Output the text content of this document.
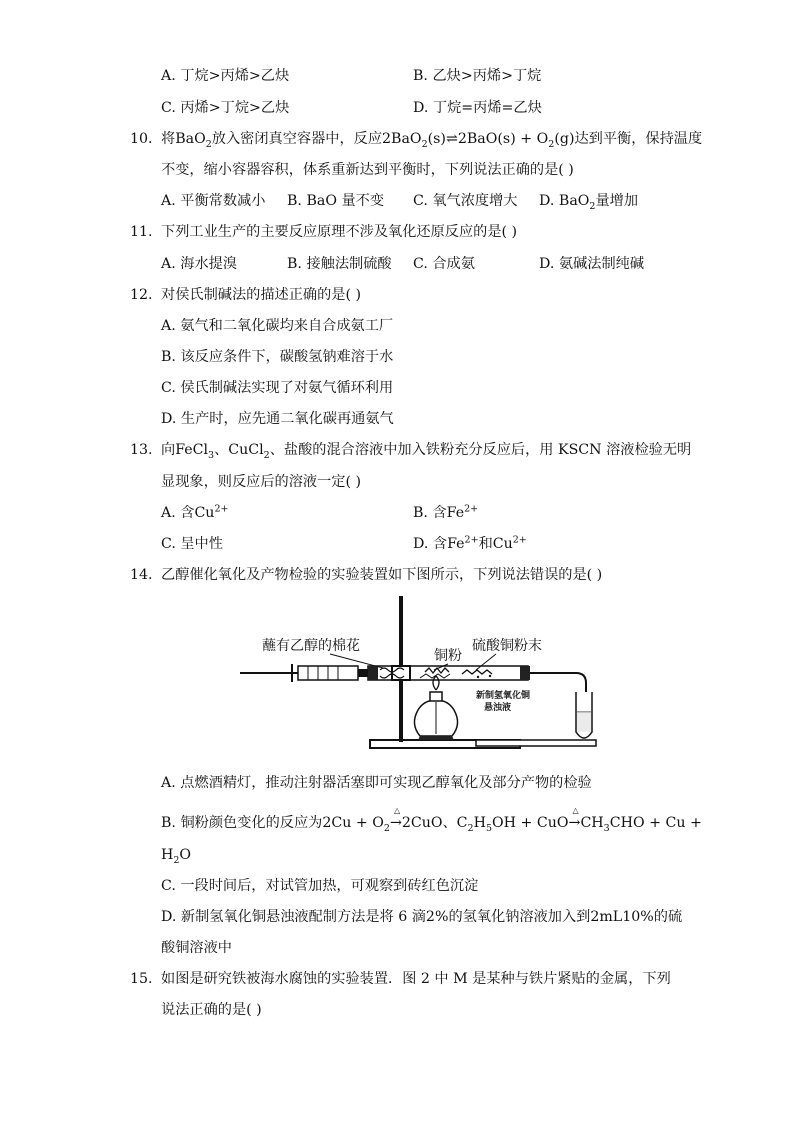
A. 丁烷>丙烯>乙炔	B. 乙炔>丙烯>丁烷
C. 丙烯>丁烷>乙炔	D. 丁烷=丙烯=乙炔
10. 将BaO$_2$放入密闭真空容器中，反应2BaO$_2$(s)⇌2BaO(s) + $O_2(g)$达到平衡，保持温度
不变，缩小容器容积，体系重新达到平衡时，下列说法正确的是( )
A. 平衡常数减小 B. BaO 量不变 C. 氧气浓度增大 D. BaO$_2$量增加
11. 下列工业生产的主要反应原理不涉及氧化还原反应的是( )
A. 海水提溴	B. 接触法制硫酸 C. 合成氨	D. 氨碱法制纯碱
12. 对侯氏制碱法的描述正确的是( )
A. 氨气和二氧化碳均来自合成氨工厂
B. 该反应条件下，碳酸氢钠难溶于水
C. 侯氏制碱法实现了对氨气循环利用
D. 生产时，应先通二氧化碳再通氨气
13. 向FeCl$_3$、CuCl$_2$、盐酸的混合溶液中加入铁粉充分反应后，用 KSCN 溶液检验无明
显现象，则反应后的溶液一定( )
A. 含$Cu^{2+}$	B. 含$Fe^{2+}$
C. 呈中性	D. 含$Fe^{2+}$和$Cu^{2+}$
14. 乙醇催化氧化及产物检验的实验装置如下图所示，下列说法错误的是( )
蘸有乙醇的棉花
铜粉
硫酸铜粉末
新制氢氧化铜
悬浊液
A. 点燃酒精灯，推动注射器活塞即可实现乙醇氧化及部分产物的检验
B. 铜粉颜色变化的反应为$2Cu + O_2$
△
→2CuO、$C_2H_5OH$ + CuO
△
$\to CH_3CHO + Cu$ +
$H_2O$
C. 一段时间后，对试管加热，可观察到砖红色沉淀
D. 新制氢氧化铜悬浊液配制方法是将 6 滴2%的氢氧化钠溶液加入到2mL10%的硫
酸铜溶液中
15. 如图是研究铁被海水腐蚀的实验装置．图 2 中 M 是某种与铁片紧贴的金属，下列
说法正确的是( )
